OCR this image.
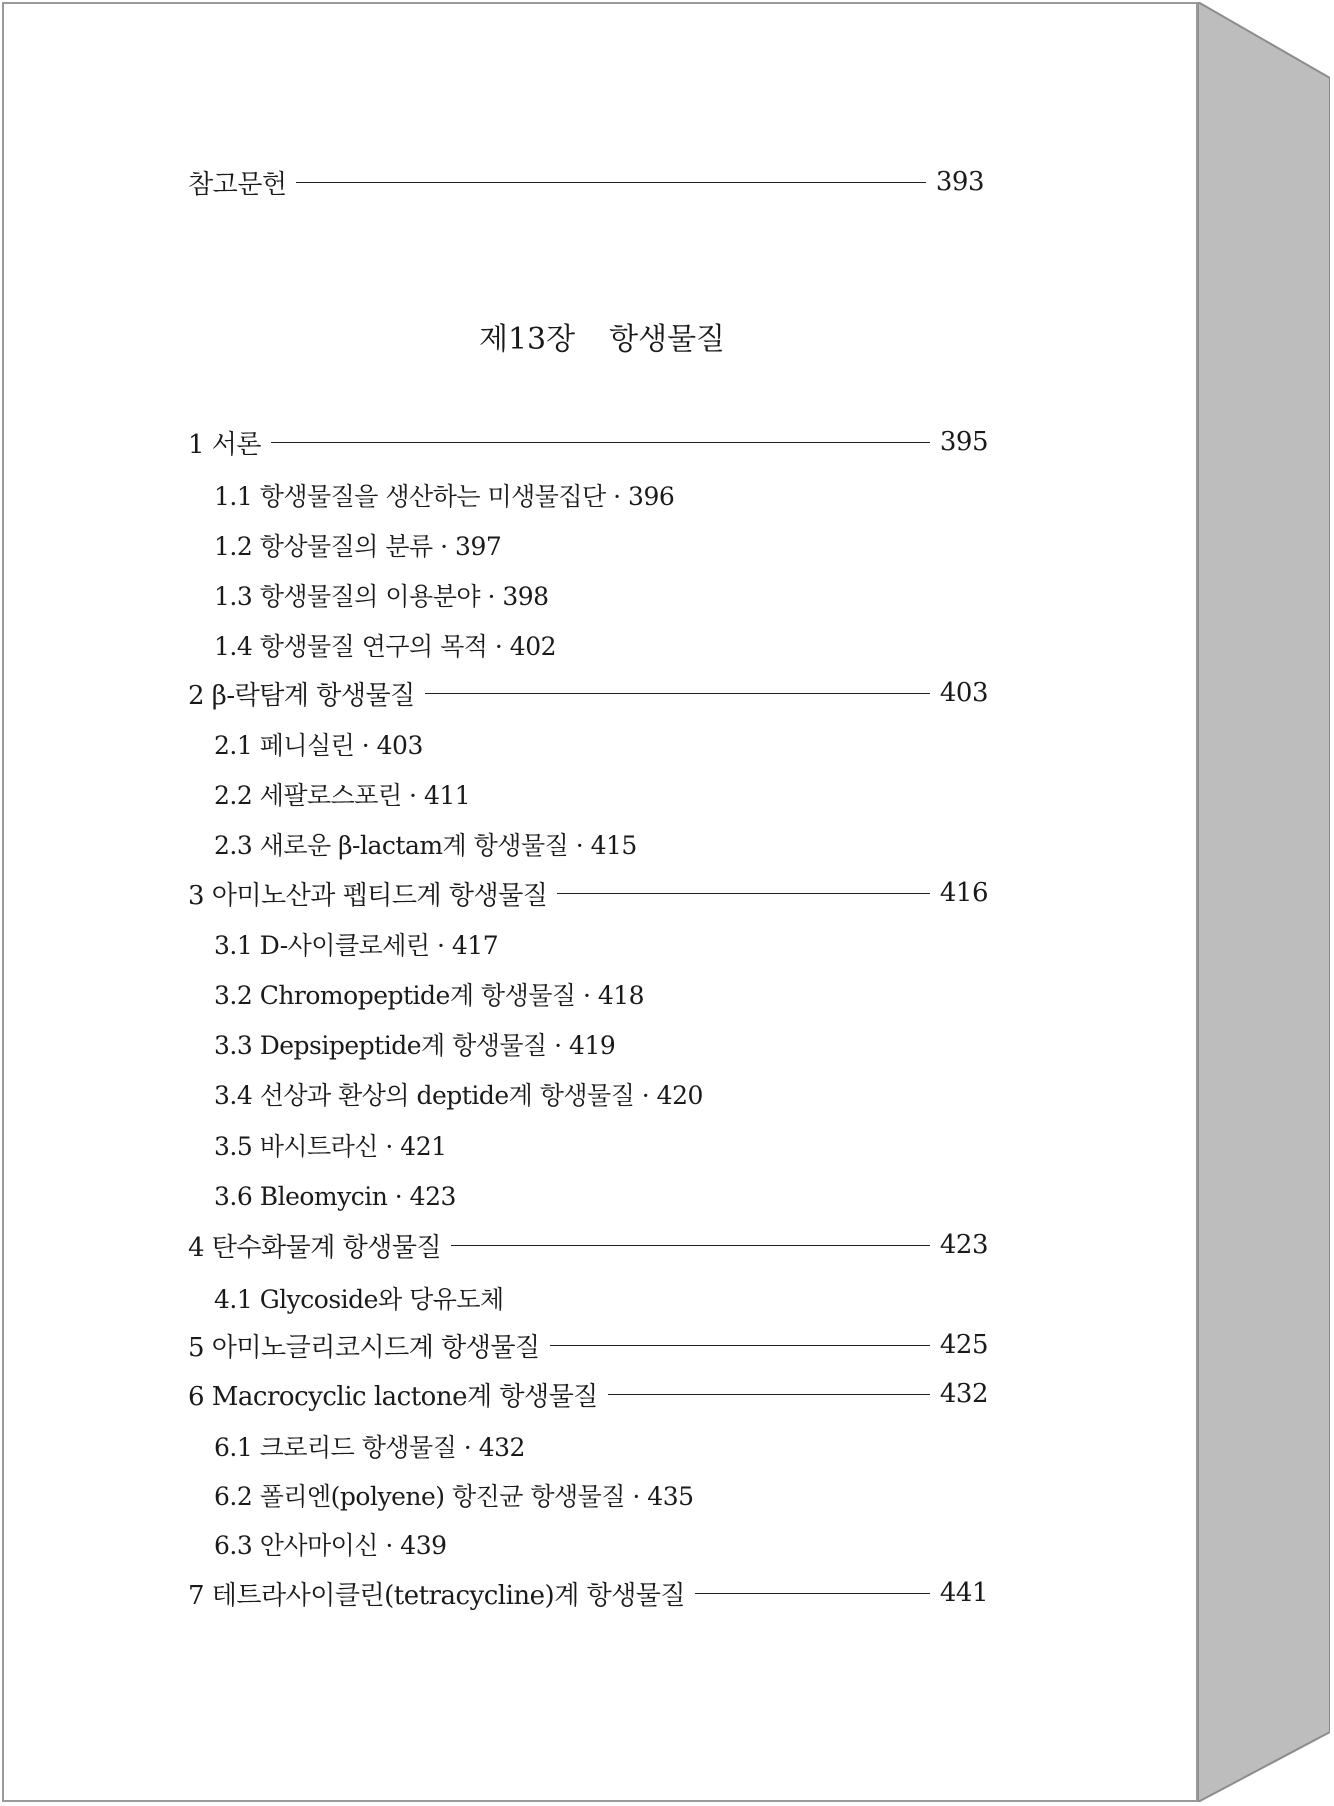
참고문헌	393
제13장 항생물질
1 서론	395
1.1 항생물질을 생산하는 미생물집단 · 396
1.2 항상물질의 분류 · 397
1.3 항생물질의 이용분야 · 398
1.4 항생물질 연구의 목적 · 402
2 β-락탐계 항생물질	403
2.1 페니실린 · 403
2.2 세팔로스포린 · 411
2.3 새로운 β-lactam계 항생물질 · 415
3 아미노산과 펩티드계 항생물질	416
3.1 D-사이클로세린 · 417
3.2 Chromopeptide계 항생물질 · 418
3.3 Depsipeptide계 항생물질 · 419
3.4 선상과 환상의 deptide계 항생물질 · 420
3.5 바시트라신 · 421
3.6 Bleomycin · 423
4 탄수화물계 항생물질	423
4.1 Glycoside와 당유도체
5 아미노글리코시드계 항생물질	425
6 Macrocyclic lactone계 항생물질	432
6.1 크로리드 항생물질 · 432
6.2 폴리엔(polyene) 항진균 항생물질 · 435
6.3 안사마이신 · 439
7 테트라사이클린(tetracycline)계 항생물질	441
